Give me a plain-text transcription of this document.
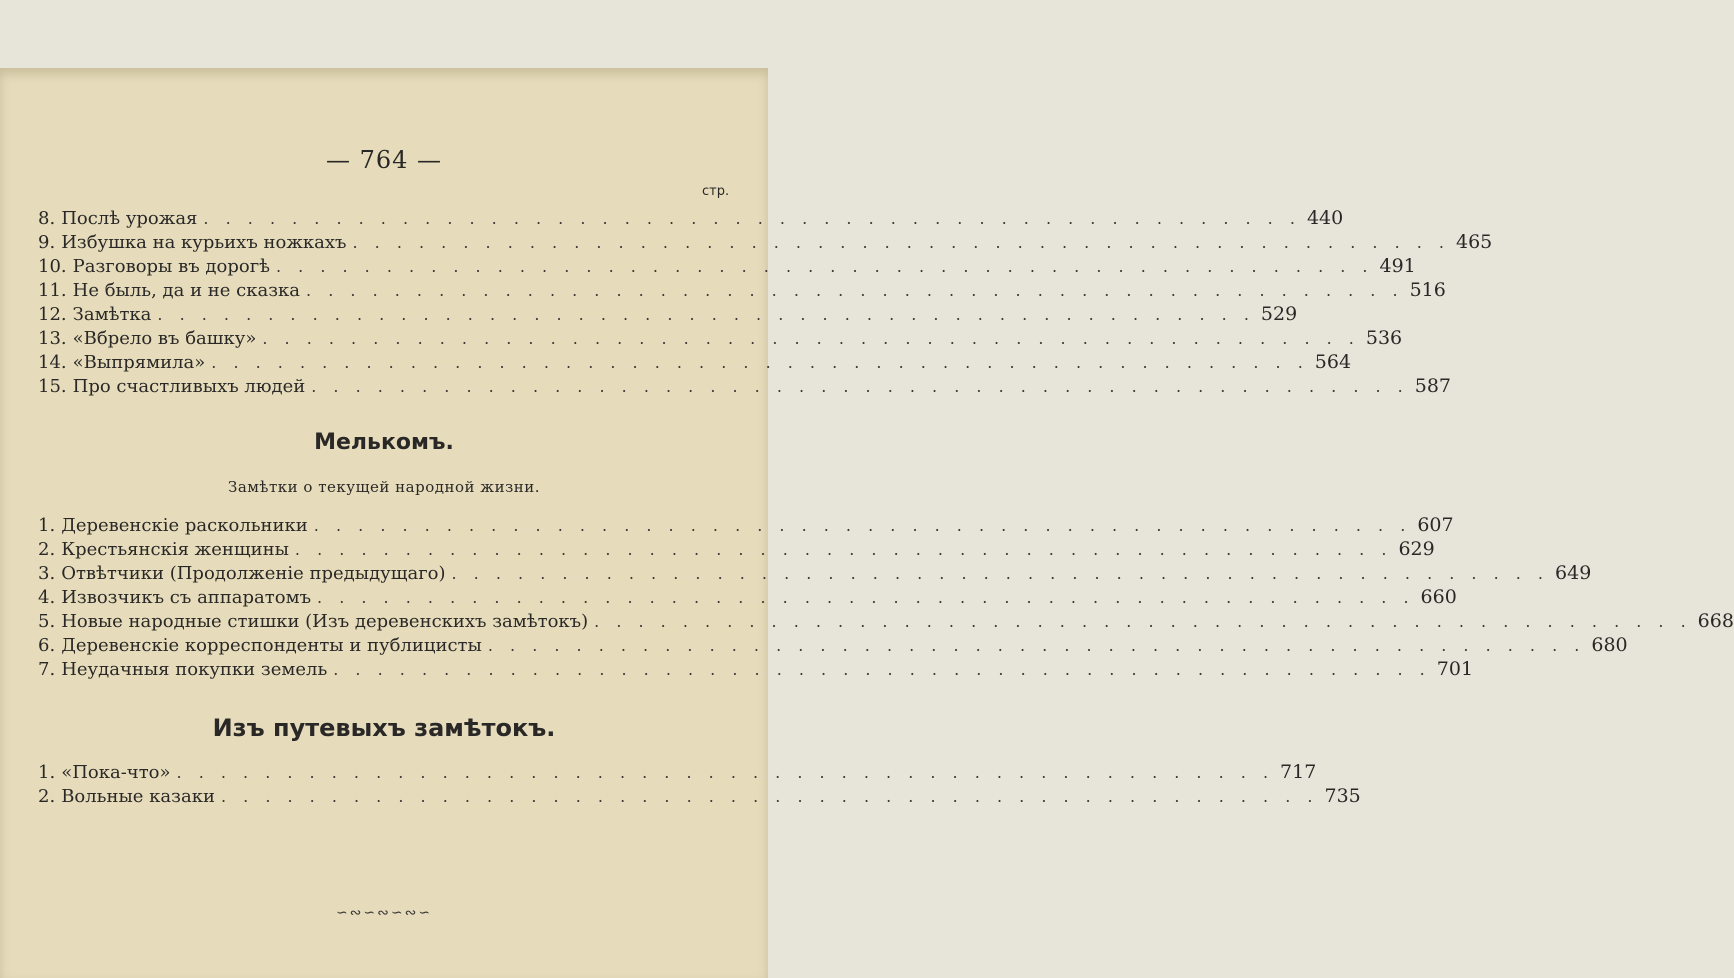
— 764 —
стр.
8. Послѣ урожая . . . . . . . . . . . . . . . . . . . . . . . . . . . . . . . . . . . . . . . . . . . . . . . . . . 440
9. Избушка на курьихъ ножкахъ . . . . . . . . . . . . . . . . . . . . . . . . . . . . . . . . . . . . . . . . . . . . . . . . . . 465
10. Разговоры въ дорогѣ . . . . . . . . . . . . . . . . . . . . . . . . . . . . . . . . . . . . . . . . . . . . . . . . . . 491
11. Не быль, да и не сказка . . . . . . . . . . . . . . . . . . . . . . . . . . . . . . . . . . . . . . . . . . . . . . . . . . 516
12. Замѣтка . . . . . . . . . . . . . . . . . . . . . . . . . . . . . . . . . . . . . . . . . . . . . . . . . . 529
13. «Вбрело въ башку» . . . . . . . . . . . . . . . . . . . . . . . . . . . . . . . . . . . . . . . . . . . . . . . . . . 536
14. «Выпрямила» . . . . . . . . . . . . . . . . . . . . . . . . . . . . . . . . . . . . . . . . . . . . . . . . . . 564
15. Про счастливыхъ людей . . . . . . . . . . . . . . . . . . . . . . . . . . . . . . . . . . . . . . . . . . . . . . . . . . 587
Мелькомъ.
Замѣтки о текущей народной жизни.
1. Деревенскіе раскольники . . . . . . . . . . . . . . . . . . . . . . . . . . . . . . . . . . . . . . . . . . . . . . . . . . 607
2. Крестьянскія женщины . . . . . . . . . . . . . . . . . . . . . . . . . . . . . . . . . . . . . . . . . . . . . . . . . . 629
3. Отвѣтчики (Продолженіе предыдущаго) . . . . . . . . . . . . . . . . . . . . . . . . . . . . . . . . . . . . . . . . . . . . . . . . . . 649
4. Извозчикъ съ аппаратомъ . . . . . . . . . . . . . . . . . . . . . . . . . . . . . . . . . . . . . . . . . . . . . . . . . . 660
5. Новые народные стишки (Изъ деревенскихъ замѣтокъ) . . . . . . . . . . . . . . . . . . . . . . . . . . . . . . . . . . . . . . . . . . . . . . . . . . 668
6. Деревенскіе корреспонденты и публицисты . . . . . . . . . . . . . . . . . . . . . . . . . . . . . . . . . . . . . . . . . . . . . . . . . . 680
7. Неудачныя покупки земель . . . . . . . . . . . . . . . . . . . . . . . . . . . . . . . . . . . . . . . . . . . . . . . . . . 701
Изъ путевыхъ замѣтокъ.
1. «Пока-что» . . . . . . . . . . . . . . . . . . . . . . . . . . . . . . . . . . . . . . . . . . . . . . . . . . 717
2. Вольные казаки . . . . . . . . . . . . . . . . . . . . . . . . . . . . . . . . . . . . . . . . . . . . . . . . . . 735
∽∾∽∾∽∾∽
